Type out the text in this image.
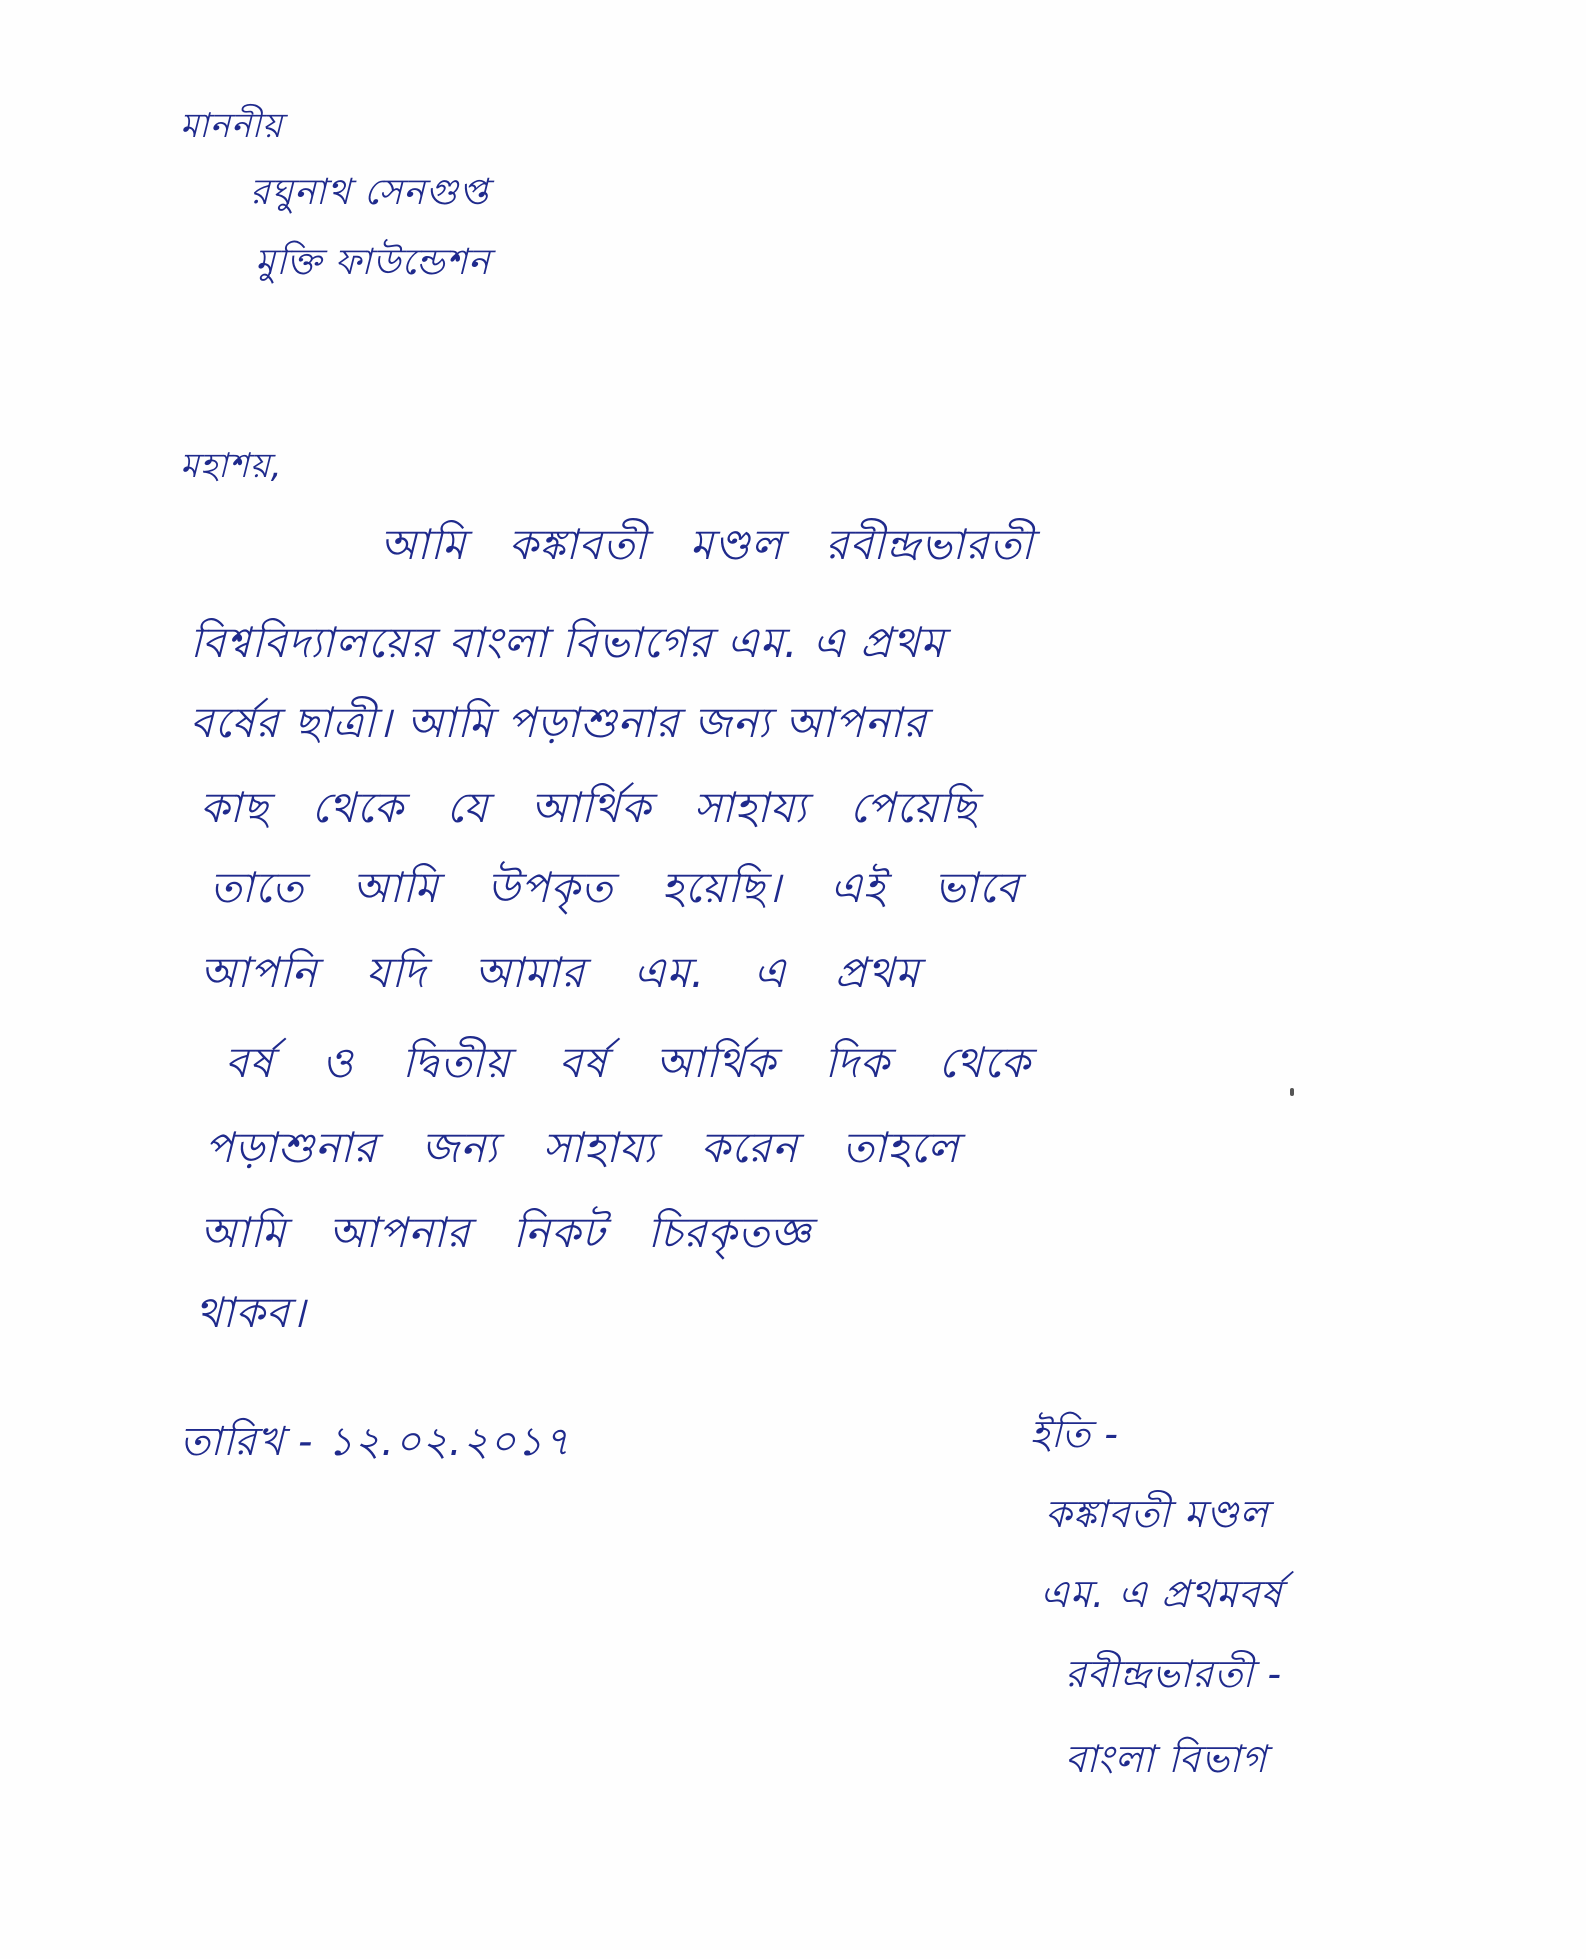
মাননীয়
রঘুনাথ সেনগুপ্ত
মুক্তি ফাউন্ডেশন
মহাশয়,
আমি কঙ্কাবতী মণ্ডল রবীন্দ্রভারতী
বিশ্ববিদ্যালয়ের বাংলা বিভাগের এম. এ প্রথম
বর্ষের ছাত্রী। আমি পড়াশুনার জন্য আপনার
কাছ থেকে যে আর্থিক সাহায্য পেয়েছি
তাতে আমি উপকৃত হয়েছি। এই ভাবে
আপনি যদি আমার এম. এ প্রথম
বর্ষ ও দ্বিতীয় বর্ষ আর্থিক দিক থেকে
পড়াশুনার জন্য সাহায্য করেন তাহলে
আমি আপনার নিকট চিরকৃতজ্ঞ
থাকব।
তারিখ - ১২.০২.২০১৭	ইতি -
কঙ্কাবতী মণ্ডল
এম. এ প্রথমবর্ষ
রবীন্দ্রভারতী -
বাংলা বিভাগ
